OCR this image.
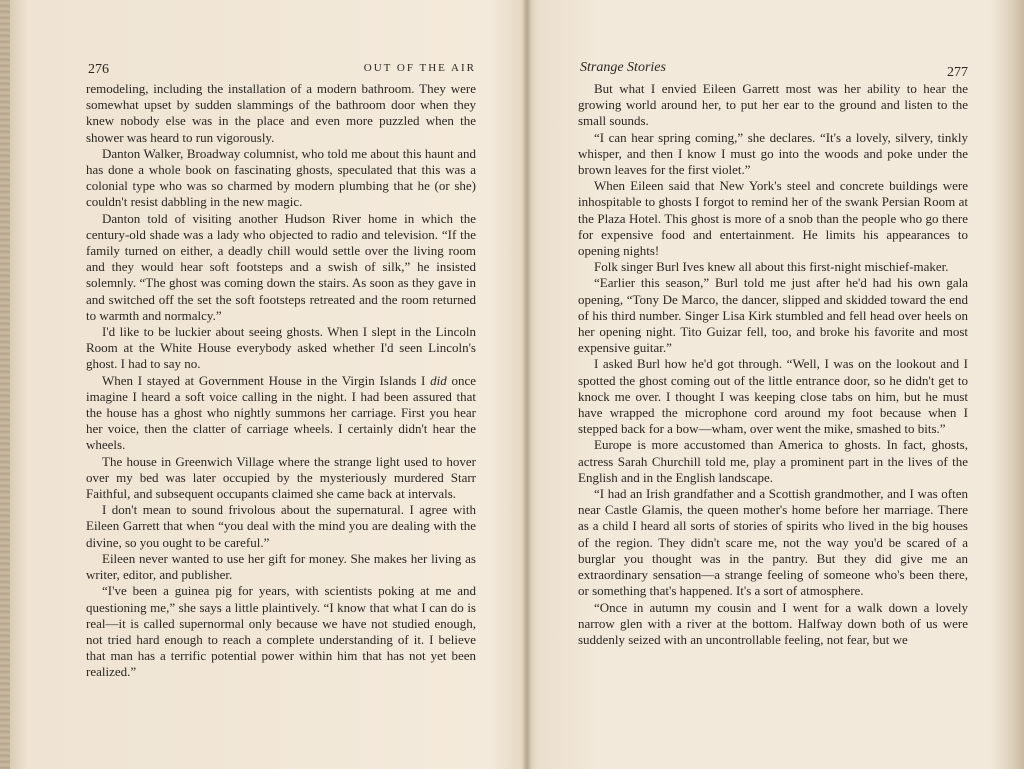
276	OUT OF THE AIR

remodeling, including the installation of a modern bathroom. They were somewhat upset by sudden slammings of the bathroom door when they knew nobody else was in the place and even more puzzled when the shower was heard to run vigorously.

Danton Walker, Broadway columnist, who told me about this haunt and has done a whole book on fascinating ghosts, speculated that this was a colonial type who was so charmed by modern plumbing that he (or she) couldn't resist dabbling in the new magic.

Danton told of visiting another Hudson River home in which the century-old shade was a lady who objected to radio and television. “If the family turned on either, a deadly chill would settle over the living room and they would hear soft footsteps and a swish of silk,” he insisted solemnly. “The ghost was coming down the stairs. As soon as they gave in and switched off the set the soft footsteps retreated and the room returned to warmth and normalcy.”

I'd like to be luckier about seeing ghosts. When I slept in the Lincoln Room at the White House everybody asked whether I'd seen Lincoln's ghost. I had to say no.

When I stayed at Government House in the Virgin Islands I did once imagine I heard a soft voice calling in the night. I had been assured that the house has a ghost who nightly summons her carriage. First you hear her voice, then the clatter of carriage wheels. I certainly didn't hear the wheels.

The house in Greenwich Village where the strange light used to hover over my bed was later occupied by the mysteriously murdered Starr Faithful, and subsequent occupants claimed she came back at intervals.

I don't mean to sound frivolous about the supernatural. I agree with Eileen Garrett that when “you deal with the mind you are dealing with the divine, so you ought to be careful.”

Eileen never wanted to use her gift for money. She makes her living as writer, editor, and publisher.

“I've been a guinea pig for years, with scientists poking at me and questioning me,” she says a little plaintively. “I know that what I can do is real—it is called supernormal only because we have not studied enough, not tried hard enough to reach a complete understanding of it. I believe that man has a terrific potential power within him that has not yet been realized.”

Strange Stories	277

But what I envied Eileen Garrett most was her ability to hear the growing world around her, to put her ear to the ground and listen to the small sounds.

“I can hear spring coming,” she declares. “It's a lovely, silvery, tinkly whisper, and then I know I must go into the woods and poke under the brown leaves for the first violet.”

When Eileen said that New York's steel and concrete buildings were inhospitable to ghosts I forgot to remind her of the swank Persian Room at the Plaza Hotel. This ghost is more of a snob than the people who go there for expensive food and entertainment. He limits his appearances to opening nights!

Folk singer Burl Ives knew all about this first-night mischief-maker.

“Earlier this season,” Burl told me just after he'd had his own gala opening, “Tony De Marco, the dancer, slipped and skidded toward the end of his third number. Singer Lisa Kirk stumbled and fell head over heels on her opening night. Tito Guizar fell, too, and broke his favorite and most expensive guitar.”

I asked Burl how he'd got through. “Well, I was on the lookout and I spotted the ghost coming out of the little entrance door, so he didn't get to knock me over. I thought I was keeping close tabs on him, but he must have wrapped the microphone cord around my foot because when I stepped back for a bow—wham, over went the mike, smashed to bits.”

Europe is more accustomed than America to ghosts. In fact, ghosts, actress Sarah Churchill told me, play a prominent part in the lives of the English and in the English landscape.

“I had an Irish grandfather and a Scottish grandmother, and I was often near Castle Glamis, the queen mother's home before her marriage. There as a child I heard all sorts of stories of spirits who lived in the big houses of the region. They didn't scare me, not the way you'd be scared of a burglar you thought was in the pantry. But they did give me an extraordinary sensation—a strange feeling of someone who's been there, or something that's happened. It's a sort of atmosphere.

“Once in autumn my cousin and I went for a walk down a lovely narrow glen with a river at the bottom. Halfway down both of us were suddenly seized with an uncontrollable feeling, not fear, but we
